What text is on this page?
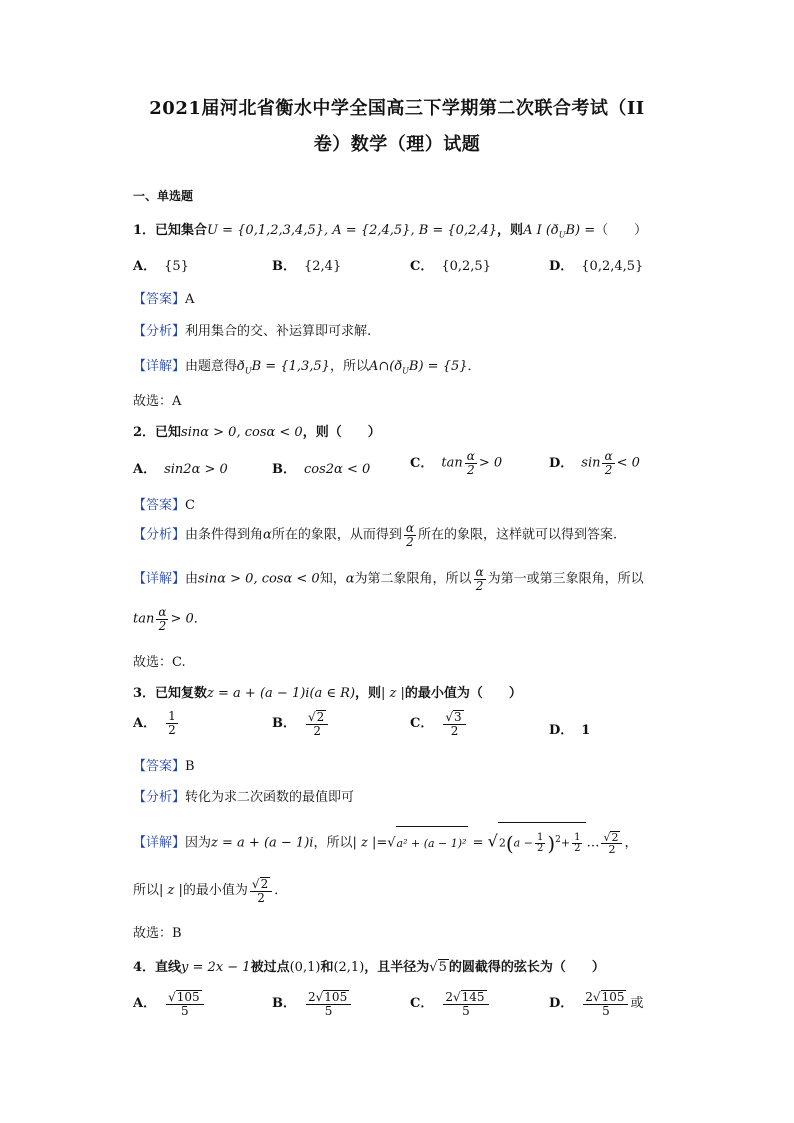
2021届河北省衡水中学全国高三下学期第二次联合考试（II
卷）数学（理）试题
一、单选题
1．已知集合U = {0,1,2,3,4,5}, A = {2,4,5}, B = {0,2,4}，则A I $(ð_UB)$ =（　　）
A． {5}	B． {2,4}	C． {0,2,5}	D． {0,2,4,5}
【答案】A
【分析】利用集合的交、补运算即可求解.
【详解】由题意得$ð_UB = \{1,3,5\}$，所以$A\cap(ð_UB) = \{5\}$．
故选：A
2．已知sinα > 0, cosα < 0，则（　　）
A． sin2α > 0	B． cos2α < 0	C． $\tan \frac{\alpha}{2} > 0$	D． $\sin \frac{\alpha}{2} < 0$
【答案】C
【分析】由条件得到角α所在的象限，从而得到 $\frac{\alpha}{2}$ 所在的象限，这样就可以得到答案.
【详解】由sinα > 0, cosα < 0知，α为第二象限角，所以 $\frac{\alpha}{2}$ 为第一或第三象限角，所以
$\tan \frac{\alpha}{2} > 0$．
故选：C.
3．已知复数z = a + (a − 1)i(a ∈ R)，则| z |的最小值为（　　）
A． $\frac{1}{2}$	B． $\frac{√2}{2}$	C． $\frac{√3}{2}$	D． 1
【答案】B
【分析】转化为求二次函数的最值即可
【详解】因为z = a + (a − 1)i，所以| z $|=√a^2 + (a - 1)^2 = √2(a - \frac{1}{2} )^2+ \frac{1}{2}$ … $\frac{√2}{2}$ ，
所以| z |的最小值为 $\frac{√2}{2}$ ．
故选：B
4．直线y = 2x − 1被过点(0,1)和(2,1)，且半径为√5 的圆截得的弦长为（　　）
A． $\frac{√105}{5}$	B． $\frac{2√105}{5}$	C． $\frac{2√145}{5}$	D． $\frac{2√105}{5}$ 或
